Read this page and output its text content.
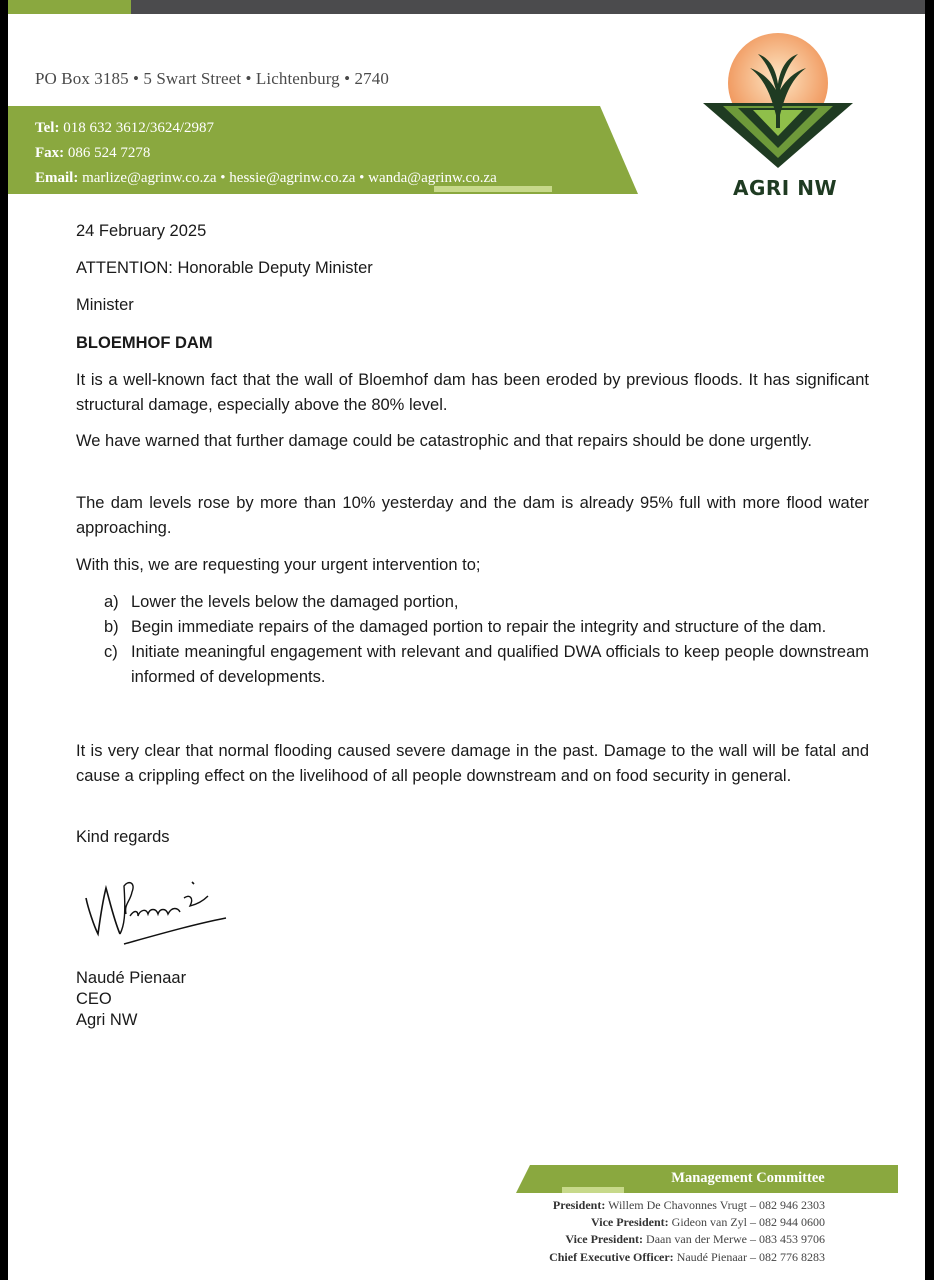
PO Box 3185 • 5 Swart Street • Lichtenburg • 2740
Tel: 018 632 3612/3624/2987
Fax: 086 524 7278
Email: marlize@agrinw.co.za • hessie@agrinw.co.za • wanda@agrinw.co.za	AGRI NW
24 February 2025
ATTENTION: Honorable Deputy Minister
Minister
BLOEMHOF DAM
It is a well-known fact that the wall of Bloemhof dam has been eroded by previous floods. It has significant structural damage, especially above the 80% level.
We have warned that further damage could be catastrophic and that repairs should be done urgently.
The dam levels rose by more than 10% yesterday and the dam is already 95% full with more flood water approaching.
With this, we are requesting your urgent intervention to;
a) Lower the levels below the damaged portion,
b) Begin immediate repairs of the damaged portion to repair the integrity and structure of the dam.
c) Initiate meaningful engagement with relevant and qualified DWA officials to keep people downstream informed of developments.
It is very clear that normal flooding caused severe damage in the past. Damage to the wall will be fatal and cause a crippling effect on the livelihood of all people downstream and on food security in general.
Kind regards
Naudé Pienaar
CEO
Agri NW
Management Committee
President: Willem De Chavonnes Vrugt – 082 946 2303
Vice President: Gideon van Zyl – 082 944 0600
Vice President: Daan van der Merwe – 083 453 9706
Chief Executive Officer: Naudé Pienaar – 082 776 8283
